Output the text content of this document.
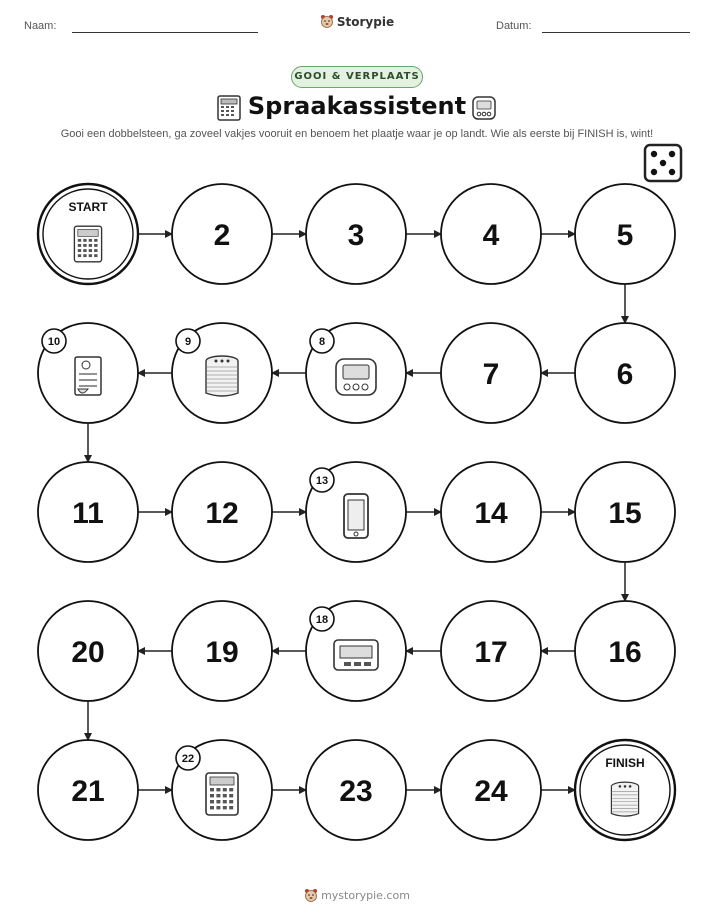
Naam:	Storypie	Datum:
GOOI & VERPLAATS
Spraakassistent
Gooi een dobbelsteen, ga zoveel vakjes vooruit en benoem het plaatje waar je op landt. Wie als eerste bij FINISH is, wint!
START
2	3	4	5
6
7
8
9
10
11	12
13
14	15
16
17
18
19
20
21
22
23	24
FINISH
mystorypie.com
